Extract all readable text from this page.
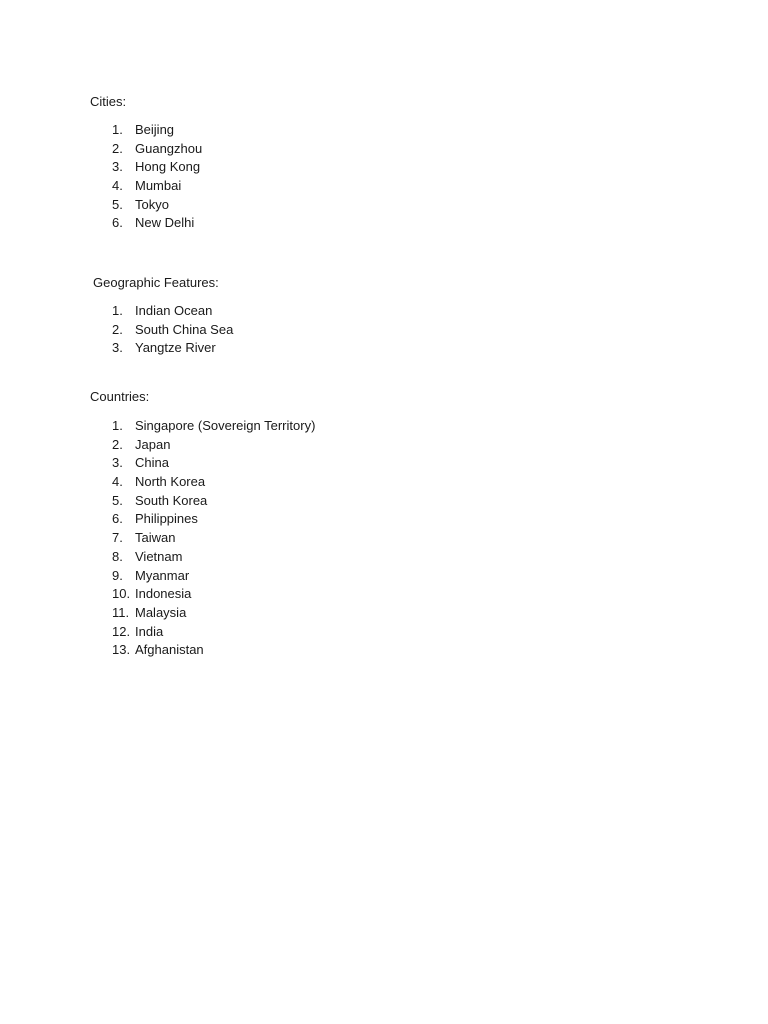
Cities:
1. Beijing
2. Guangzhou
3. Hong Kong
4. Mumbai
5. Tokyo
6. New Delhi
Geographic Features:
1. Indian Ocean
2. South China Sea
3. Yangtze River
Countries:
1. Singapore (Sovereign Territory)
2. Japan
3. China
4. North Korea
5. South Korea
6. Philippines
7. Taiwan
8. Vietnam
9. Myanmar
10. Indonesia
11. Malaysia
12. India
13. Afghanistan
